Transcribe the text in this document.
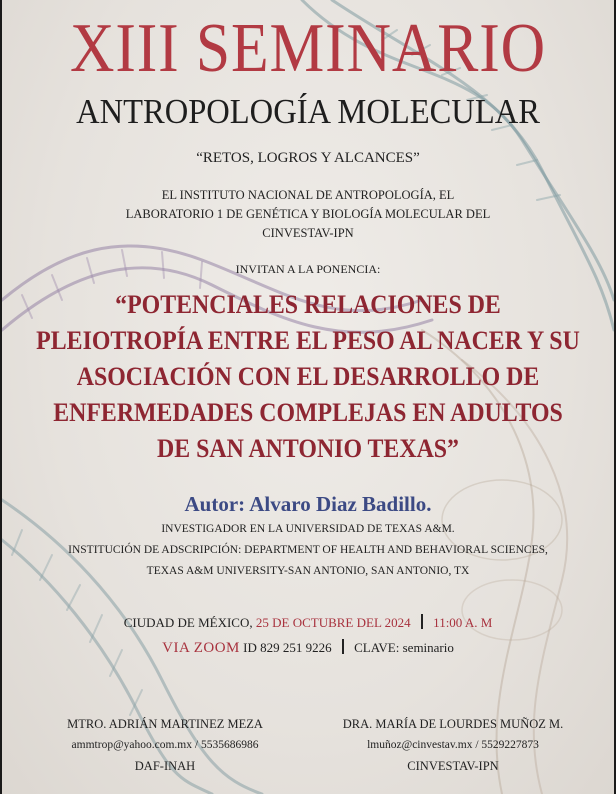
XIII SEMINARIO
ANTROPOLOGÍA MOLECULAR
“RETOS, LOGROS Y ALCANCES”
EL INSTITUTO NACIONAL DE ANTROPOLOGÍA, EL
LABORATORIO 1 DE GENÉTICA Y BIOLOGÍA MOLECULAR DEL
CINVESTAV-IPN
INVITAN A LA PONENCIA:
“POTENCIALES RELACIONES DE
PLEIOTROPÍA ENTRE EL PESO AL NACER Y SU
ASOCIACIÓN CON EL DESARROLLO DE
ENFERMEDADES COMPLEJAS EN ADULTOS
DE SAN ANTONIO TEXAS”
Autor: Alvaro Diaz Badillo.
INVESTIGADOR EN LA UNIVERSIDAD DE TEXAS A&M.
INSTITUCIÓN DE ADSCRIPCIÓN: DEPARTMENT OF HEALTH AND BEHAVIORAL SCIENCES,
TEXAS A&M UNIVERSITY-SAN ANTONIO, SAN ANTONIO, TX
CIUDAD DE MÉXICO, 25 DE OCTUBRE DEL 2024 11:00 A. M
VIA ZOOM ID 829 251 9226 CLAVE: seminario
MTRO. ADRIÁN MARTINEZ MEZA
ammtrop@yahoo.com.mx / 5535686986
DAF-INAH
DRA. MARÍA DE LOURDES MUÑOZ M.
lmuñoz@cinvestav.mx / 5529227873
CINVESTAV-IPN
